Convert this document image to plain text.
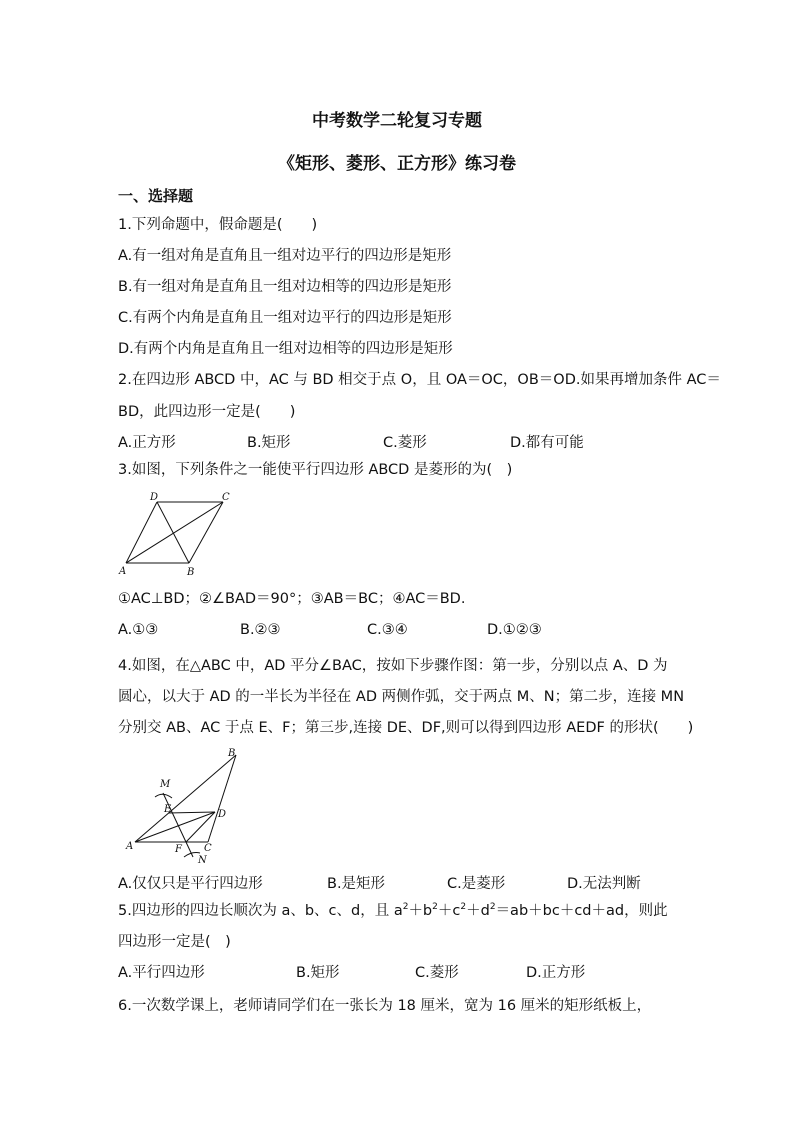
中考数学二轮复习专题
《矩形、菱形、正方形》练习卷
一、选择题
1.下列命题中，假命题是(　　)
A.有一组对角是直角且一组对边平行的四边形是矩形
B.有一组对角是直角且一组对边相等的四边形是矩形
C.有两个内角是直角且一组对边平行的四边形是矩形
D.有两个内角是直角且一组对边相等的四边形是矩形
2.在四边形 ABCD 中，AC 与 BD 相交于点 O，且 OA＝OC，OB＝OD.如果再增加条件 AC＝
BD，此四边形一定是(　　)
A.正方形	B.矩形	C.菱形	D.都有可能
3.如图，下列条件之一能使平行四边形 ABCD 是菱形的为(　)
D	C
A	B
①AC⊥BD；②∠BAD＝90°；③AB＝BC；④AC＝BD.
A.①③	B.②③	C.③④	D.①②③
4.如图，在△ABC 中，AD 平分∠BAC，按如下步骤作图：第一步，分别以点 A、D 为
圆心，以大于 AD 的一半长为半径在 AD 两侧作弧，交于两点 M、N；第二步，连接 MN
分别交 AB、AC 于点 E、F；第三步,连接 DE、DF,则可以得到四边形 AEDF 的形状(　　)
M
E	D
B
A	F C
N
A.仅仅只是平行四边形	B.是矩形	C.是菱形	D.无法判断
5.四边形的四边长顺次为 a、b、c、d，且 $a^2+b^2+c^2+d^2=ab+bc+cd+ad$，则此
四边形一定是(　)
A.平行四边形	B.矩形	C.菱形	D.正方形
6.一次数学课上，老师请同学们在一张长为 18 厘米，宽为 16 厘米的矩形纸板上，
